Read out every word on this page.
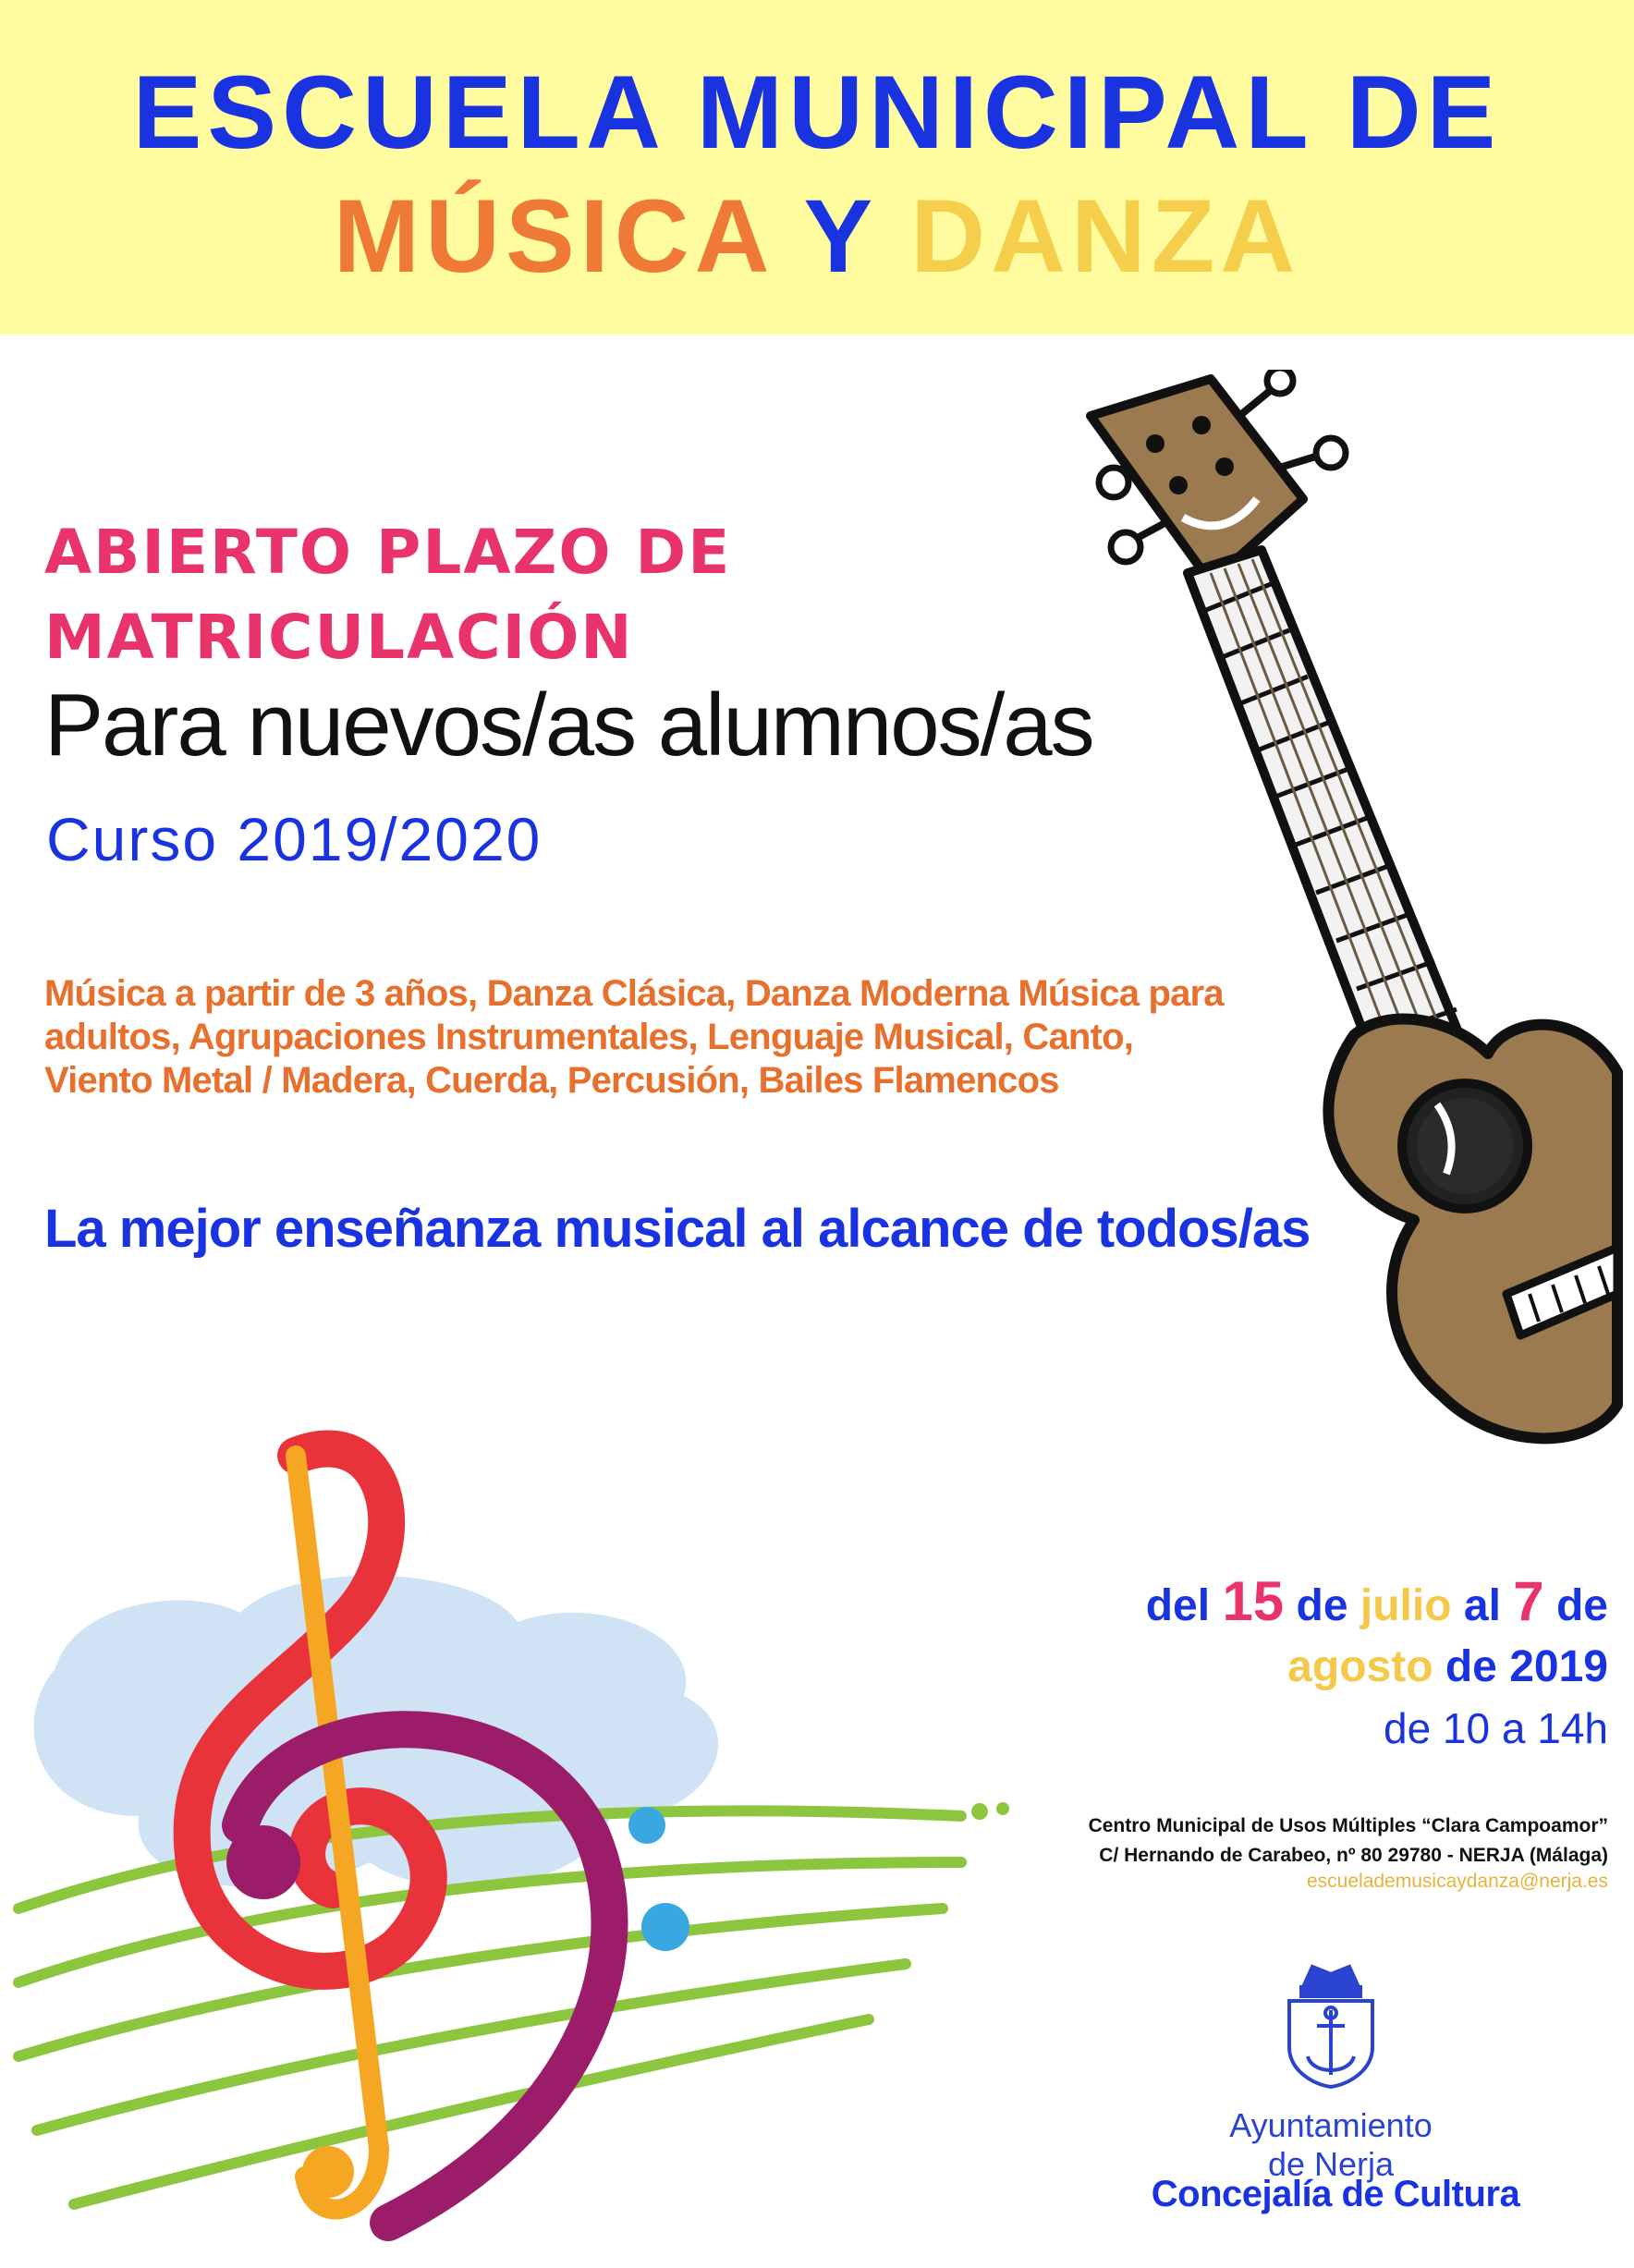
ESCUELA MUNICIPAL DE
MÚSICA Y DANZA
ABIERTO PLAZO DE
MATRICULACIÓN
Para nuevos/as alumnos/as
Curso 2019/2020
Música a partir de 3 años, Danza Clásica, Danza Moderna Música para
adultos, Agrupaciones Instrumentales, Lenguaje Musical, Canto,
Viento Metal / Madera, Cuerda, Percusión, Bailes Flamencos
La mejor enseñanza musical al alcance de todos/as
del 15 de julio al 7 de
agosto de 2019
de 10 a 14h
Centro Municipal de Usos Múltiples “Clara Campoamor”
C/ Hernando de Carabeo, nº 80 29780 - NERJA (Málaga)
escuelademusicaydanza@nerja.es
Ayuntamiento
de Nerja
Concejalía de Cultura
